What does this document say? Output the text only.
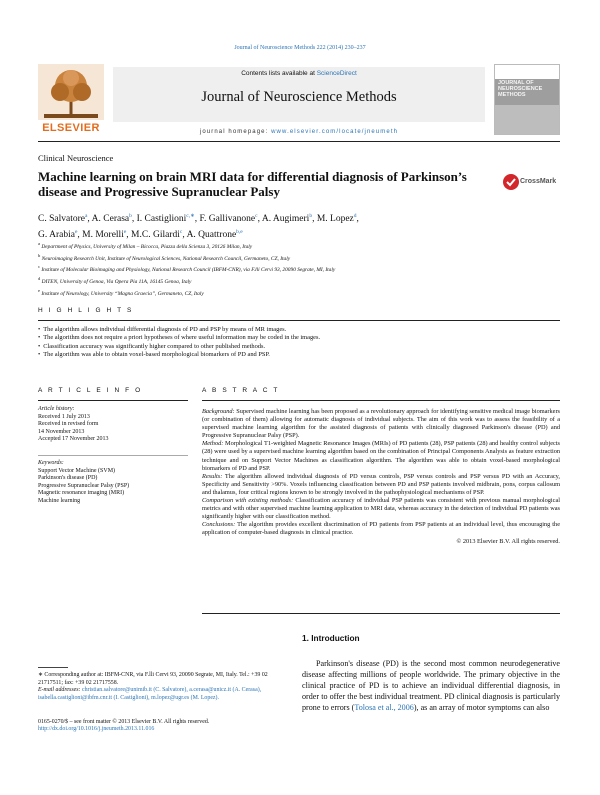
Journal of Neuroscience Methods 222 (2014) 230–237
ELSEVIER
Contents lists available at ScienceDirect
Journal of Neuroscience Methods
JOURNAL OF NEUROSCIENCE METHODS
journal homepage: www.elsevier.com/locate/jneumeth
Clinical Neuroscience
Machine learning on brain MRI data for differential diagnosis of Parkinson’s disease and Progressive Supranuclear Palsy
CrossMark
C. Salvatore$^a$, A. Cerasa$^b$, I. Castiglioni$^{c,∗}$, F. Gallivanone$^c$, A. Augimeri$^b$, M. Lopez$^d$,
G. Arabia$^e$, M. Morelli$^e$, M.C. Gilardi$^c$, A. Quattrone$^{b,e}$
$^a$ Department of Physics, University of Milan – Bicocca, Piazza della Scienza 3, 20126 Milan, Italy
$^b$ Neuroimaging Research Unit, Institute of Neurological Sciences, National Research Council, Germaneto, CZ, Italy
$^c$ Institute of Molecular Bioimaging and Physiology, National Research Council (IBFM-CNR), via F.lli Cervi 93, 20090 Segrate, MI, Italy
$^d$ DITEN, University of Genoa, Via Opera Pia 11A, 16145 Genoa, Italy
$^e$ Institute of Neurology, University “Magna Graecia”, Germaneto, CZ, Italy
H I G H L I G H T S
• The algorithm allows individual differential diagnosis of PD and PSP by means of MR images.
• The algorithm does not require a priori hypotheses of where useful information may be coded in the images.
• Classification accuracy was significantly higher compared to other published methods.
• The algorithm was able to obtain voxel-based morphological biomarkers of PD and PSP.
A R T I C L E I N F O	A B S T R A C T
Article history:
Received 1 July 2013
Received in revised form
14 November 2013
Accepted 17 November 2013
Keywords:
Support Vector Machine (SVM)
Parkinson's disease (PD)
Progressive Supranuclear Palsy (PSP)
Magnetic resonance imaging (MRI)
Machine learning

Background: Supervised machine learning has been proposed as a revolutionary approach for identifying sensitive medical image biomarkers (or combination of them) allowing for automatic diagnosis of individual subjects. The aim of this work was to assess the feasibility of a supervised machine learning algorithm for the assisted diagnosis of patients with clinically diagnosed Parkinson's disease (PD) and Progressive Supranuclear Palsy (PSP).

Method: Morphological T1-weighted Magnetic Resonance Images (MRIs) of PD patients (28), PSP patients (28) and healthy control subjects (28) were used by a supervised machine learning algorithm based on the combination of Principal Components Analysis as feature extraction technique and on Support Vector Machines as classification algorithm. The algorithm was able to obtain voxel-based morphological biomarkers of PD and PSP.

Results: The algorithm allowed individual diagnosis of PD versus controls, PSP versus controls and PSP versus PD with an Accuracy, Specificity and Sensitivity >90%. Voxels influencing classification between PD and PSP patients involved midbrain, pons, corpus callosum and thalamus, four critical regions known to be strongly involved in the pathophysiological mechanisms of PSP.

Comparison with existing methods: Classification accuracy of individual PSP patients was consistent with previous manual morphological metrics and with other supervised machine learning application to MRI data, whereas accuracy in the detection of individual PD patients was significantly higher with our classification method.

Conclusions: The algorithm provides excellent discrimination of PD patients from PSP patients at an individual level, thus encouraging the application of computer-based diagnosis in clinical practice.

© 2013 Elsevier B.V. All rights reserved.

∗ Corresponding author at: IBFM-CNR, via F.lli Cervi 93, 20090 Segrate, MI, Italy. Tel.: +39 02 21717511; fax: +39 02 21717558.
E-mail addresses: christian.salvatore@unimib.it (C. Salvatore), a.cerasa@unicz.it (A. Cerasa), isabella.castiglioni@ibfm.cnr.it (I. Castiglioni), m.lopez@ugr.es (M. Lopez).
0165-0270/$ – see front matter © 2013 Elsevier B.V. All rights reserved.
http://dx.doi.org/10.1016/j.jneumeth.2013.11.016
1. Introduction
Parkinson's disease (PD) is the second most common neurodegenerative disease affecting millions of people worldwide. The primary objective in the clinical practice of PD is to achieve an individual differential diagnosis, in order to offer the best individual treatment. PD clinical diagnosis is particularly prone to errors (Tolosa et al., 2006), as an array of motor symptoms can also
